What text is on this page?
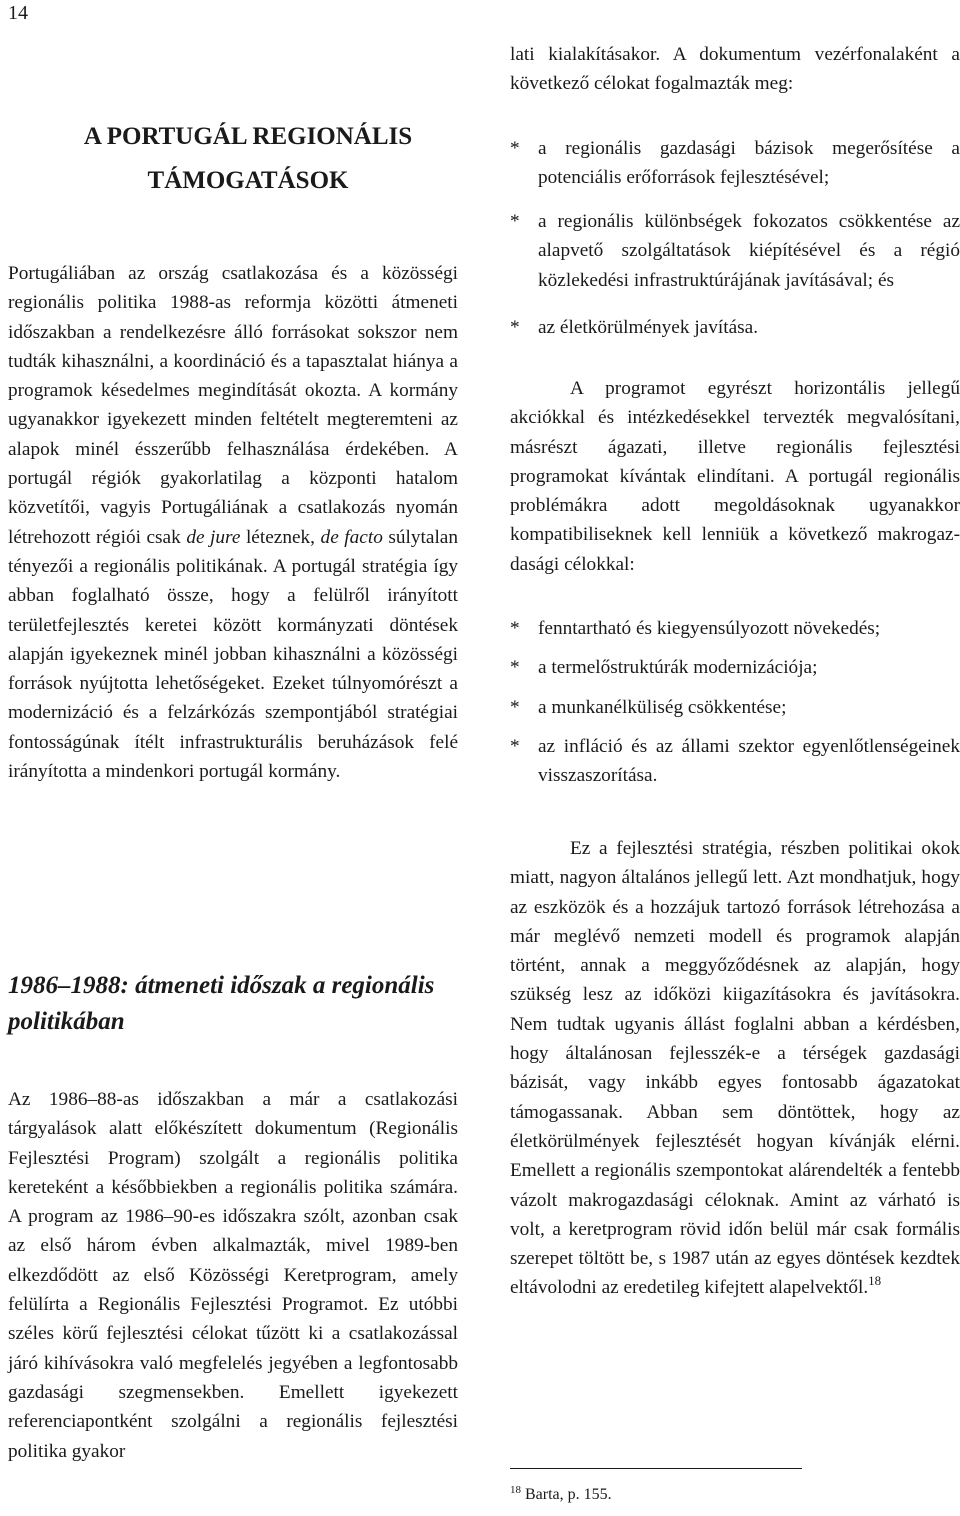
14
A PORTUGÁL REGIONÁLIS
TÁMOGATÁSOK

Portugáliában az ország csatlakozása és a közösségi regionális politika 1988-as reformja közötti átmeneti időszakban a rendelkezésre álló forrásokat sokszor nem tudták kihasználni, a koordináció és a tapasztalat hiánya a programok késedelmes megindítását okozta. A kormány ugyanakkor igyekezett minden feltételt megteremteni az alapok minél ésszerűbb felhasználása érdekében. A portugál régiók gyakorlatilag a központi hatalom közvetítői, vagyis Portugáliának a csatlakozás nyomán létrehozott régiói csak de jure léteznek, de facto súlytalan tényezői a regionális politikának. A portugál stratégia így abban foglalható össze, hogy a felülről irányított területfejlesztés keretei között kormányzati döntések alapján igyekeznek minél jobban kihasználni a közösségi források nyújtotta lehetőségeket. Ezeket túlnyomórészt a modernizáció és a felzárkózás szempontjából stratégiai fontosságúnak ítélt infrastrukturális beruházások felé irányította a mindenkori portugál kormány.

1986–1988: átmeneti időszak a regionális politikában

Az 1986–88-as időszakban a már a csatlakozási tárgyalások alatt előkészített dokumentum (Regionális Fejlesztési Program) szolgált a regionális politika kereteként a későbbiekben a regionális politika számára. A program az 1986–90-es időszakra szólt, azonban csak az első három évben alkalmazták, mivel 1989-ben elkezdődött az első Közösségi Keretprogram, amely felülírta a Regionális Fejlesztési Programot. Ez utóbbi széles körű fejlesztési célokat tűzött ki a csatlakozással járó kihívásokra való megfelelés jegyében a legfontosabb gazdasági szegmensekben. Emellett igyekezett referenciapontként szolgálni a regionális fejlesztési politika gyakor

lati kialakításakor. A dokumentum vezérfonalaként a következő célokat fogalmazták meg:

* a regionális gazdasági bázisok megerősítése a potenciális erőforrások fejlesztésével;
* a regionális különbségek fokozatos csökkentése az alapvető szolgáltatások kiépítésével és a régió közlekedési infrastruktúrájának javításával; és
* az életkörülmények javítása.

A programot egyrészt horizontális jellegű akciókkal és intézkedésekkel tervezték megvalósítani, másrészt ágazati, illetve regionális fejlesztési programokat kívántak elindítani. A portugál regionális problémákra adott megoldásoknak ugyanakkor kompatibiliseknek kell lenniük a következő makrogazdasági célokkal:

* fenntartható és kiegyensúlyozott növekedés;
* a termelőstruktúrák modernizációja;
* a munkanélküliség csökkentése;
* az infláció és az állami szektor egyenlőtlenségeinek visszaszorítása.

Ez a fejlesztési stratégia, részben politikai okok miatt, nagyon általános jellegű lett. Azt mondhatjuk, hogy az eszközök és a hozzájuk tartozó források létrehozása a már meglévő nemzeti modell és programok alapján történt, annak a meggyőződésnek az alapján, hogy szükség lesz az időközi kiigazításokra és javításokra. Nem tudtak ugyanis állást foglalni abban a kérdésben, hogy általánosan fejlesszék-e a térségek gazdasági bázisát, vagy inkább egyes fontosabb ágazatokat támogassanak. Abban sem döntöttek, hogy az életkörülmények fejlesztését hogyan kívánják elérni. Emellett a regionális szempontokat alárendelték a fentebb vázolt makrogazdasági céloknak. Amint az várható is volt, a keretprogram rövid időn belül már csak formális szerepet töltött be, s 1987 után az egyes döntések kezdtek eltávolodni az eredetileg kifejtett alapelvektől.$^{18}$

$^{18}$ Barta, p. 155.
